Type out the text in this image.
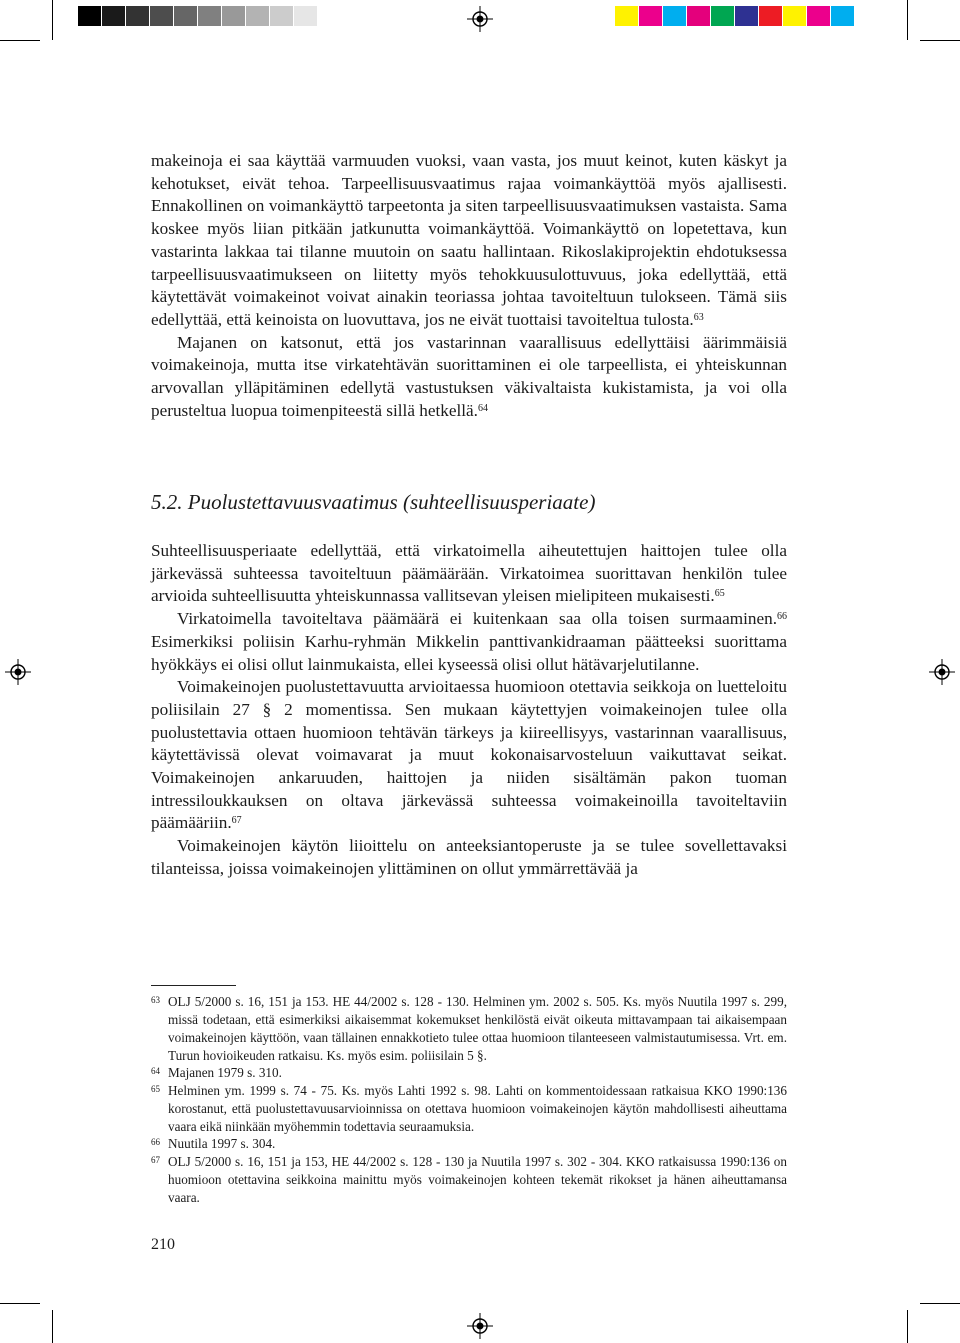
makeinoja ei saa käyttää varmuuden vuoksi, vaan vasta, jos muut keinot, kuten käskyt ja kehotukset, eivät tehoa. Tarpeellisuusvaatimus rajaa voimankäyttöä myös ajallisesti. Ennakollinen on voimankäyttö tarpeetonta ja siten tarpeellisuusvaatimuksen vastaista. Sama koskee myös liian pitkään jatkunutta voimankäyttöä. Voimankäyttö on lopetettava, kun vastarinta lakkaa tai tilanne muutoin on saatu hallintaan. Rikoslakiprojektin ehdotuksessa tarpeellisuusvaatimukseen on liitetty myös tehokkuusulottuvuus, joka edellyttää, että käytettävät voimakeinot voivat ainakin teoriassa johtaa tavoiteltuun tulokseen. Tämä siis edellyttää, että keinoista on luovuttava, jos ne eivät tuottaisi tavoiteltua tulosta.$^{63}$

Majanen on katsonut, että jos vastarinnan vaarallisuus edellyttäisi äärimmäisiä voimakeinoja, mutta itse virkatehtävän suorittaminen ei ole tarpeellista, ei yhteiskunnan arvovallan ylläpitäminen edellytä vastustuksen väkivaltaista kukistamista, ja voi olla perusteltua luopua toimenpiteestä sillä hetkellä.$^{64}$

5.2. Puolustettavuusvaatimus (suhteellisuusperiaate)

Suhteellisuusperiaate edellyttää, että virkatoimella aiheutettujen haittojen tulee olla järkevässä suhteessa tavoiteltuun päämäärään. Virkatoimea suorittavan henkilön tulee arvioida suhteellisuutta yhteiskunnassa vallitsevan yleisen mielipiteen mukaisesti.$^{65}$

Virkatoimella tavoiteltava päämäärä ei kuitenkaan saa olla toisen surmaaminen.$^{66}$ Esimerkiksi poliisin Karhu-ryhmän Mikkelin panttivankidraaman päätteeksi suorittama hyökkäys ei olisi ollut lainmukaista, ellei kyseessä olisi ollut hätävarjelutilanne.

Voimakeinojen puolustettavuutta arvioitaessa huomioon otettavia seikkoja on luetteloitu poliisilain 27 § 2 momentissa. Sen mukaan käytettyjen voimakeinojen tulee olla puolustettavia ottaen huomioon tehtävän tärkeys ja kiireellisyys, vastarinnan vaarallisuus, käytettävissä olevat voimavarat ja muut kokonaisarvosteluun vaikuttavat seikat. Voimakeinojen ankaruuden, haittojen ja niiden sisältämän pakon tuoman intressiloukkauksen on oltava järkevässä suhteessa voimakeinoilla tavoiteltaviin päämääriin.$^{67}$

Voimakeinojen käytön liioittelu on anteeksiantoperuste ja se tulee sovellettavaksi tilanteissa, joissa voimakeinojen ylittäminen on ollut ymmärrettävää ja

63 OLJ 5/2000 s. 16, 151 ja 153. HE 44/2002 s. 128 - 130. Helminen ym. 2002 s. 505. Ks. myös Nuutila 1997 s. 299, missä todetaan, että esimerkiksi aikaisemmat kokemukset henkilöstä eivät oikeuta mittavampaan tai aikaisempaan voimakeinojen käyttöön, vaan tällainen ennakkotieto tulee ottaa huomioon tilanteeseen valmistautumisessa. Vrt. em. Turun hovioikeuden ratkaisu. Ks. myös esim. poliisilain 5 §.
64 Majanen 1979 s. 310.
65 Helminen ym. 1999 s. 74 - 75. Ks. myös Lahti 1992 s. 98. Lahti on kommentoidessaan ratkaisua KKO 1990:136 korostanut, että puolustettavuusarvioinnissa on otettava huomioon voimakeinojen käytön mahdollisesti aiheuttama vaara eikä niinkään myöhemmin todettavia seuraamuksia.
66 Nuutila 1997 s. 304.
67 OLJ 5/2000 s. 16, 151 ja 153, HE 44/2002 s. 128 - 130 ja Nuutila 1997 s. 302 - 304. KKO ratkaisussa 1990:136 on huomioon otettavina seikkoina mainittu myös voimakeinojen kohteen tekemät rikokset ja hänen aiheuttamansa vaara.
210
